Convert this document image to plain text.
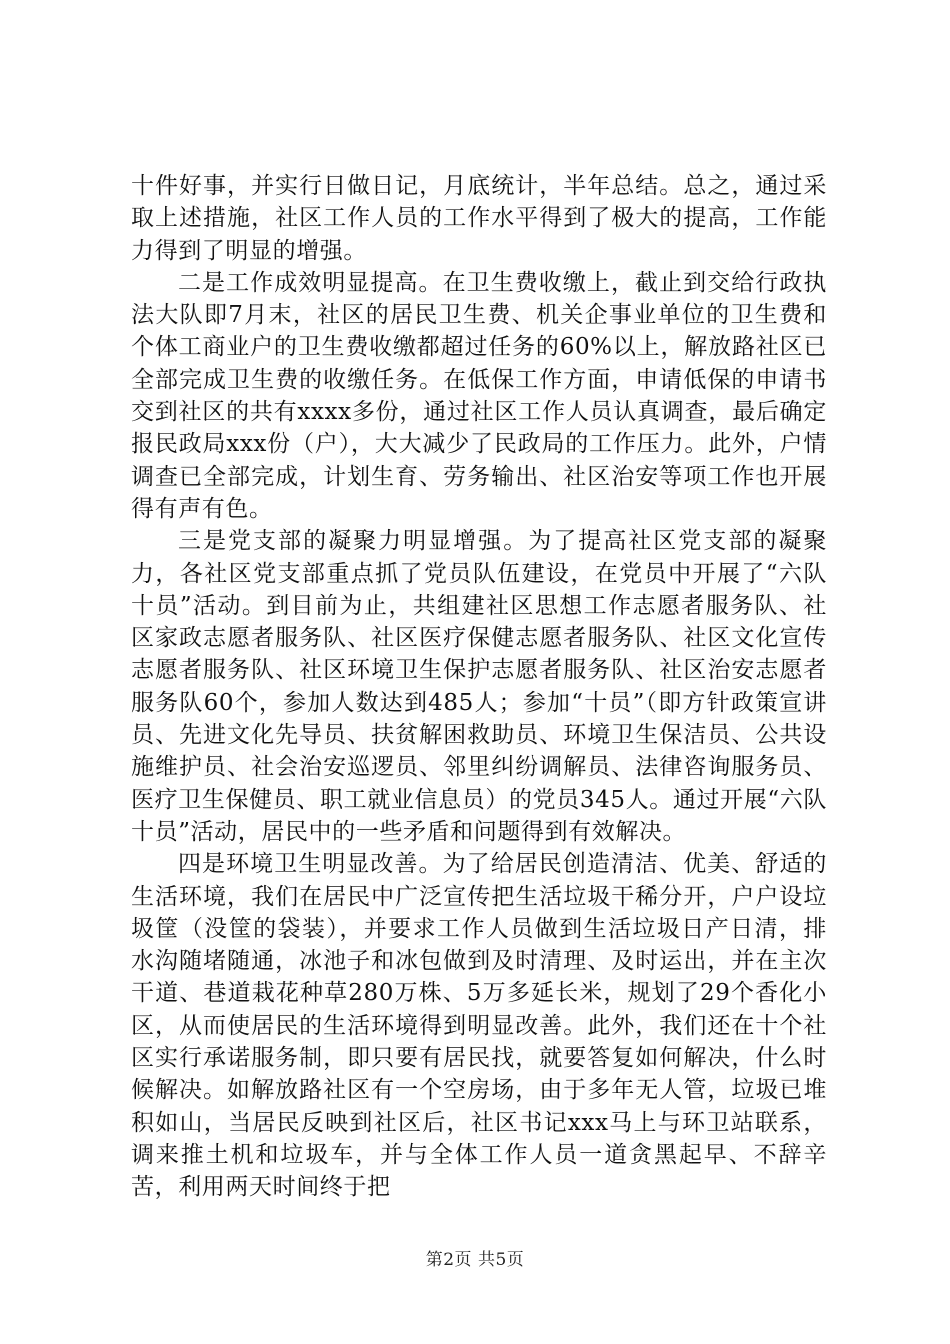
十件好事，并实行日做日记，月底统计，半年总结。总之，通过采取上述措施，社区工作人员的工作水平得到了极大的提高，工作能力得到了明显的增强。

二是工作成效明显提高。在卫生费收缴上，截止到交给行政执法大队即7月末，社区的居民卫生费、机关企事业单位的卫生费和个体工商业户的卫生费收缴都超过任务的60%以上，解放路社区已全部完成卫生费的收缴任务。在低保工作方面，申请低保的申请书交到社区的共有xxxx多份，通过社区工作人员认真调查，最后确定报民政局xxx份（户），大大减少了民政局的工作压力。此外，户情调查已全部完成，计划生育、劳务输出、社区治安等项工作也开展得有声有色。

三是党支部的凝聚力明显增强。为了提高社区党支部的凝聚力，各社区党支部重点抓了党员队伍建设，在党员中开展了“六队十员”活动。到目前为止，共组建社区思想工作志愿者服务队、社区家政志愿者服务队、社区医疗保健志愿者服务队、社区文化宣传志愿者服务队、社区环境卫生保护志愿者服务队、社区治安志愿者服务队60个，参加人数达到485人；参加“十员”（即方针政策宣讲员、先进文化先导员、扶贫解困救助员、环境卫生保洁员、公共设施维护员、社会治安巡逻员、邻里纠纷调解员、法律咨询服务员、医疗卫生保健员、职工就业信息员）的党员345人。通过开展“六队十员”活动，居民中的一些矛盾和问题得到有效解决。

四是环境卫生明显改善。为了给居民创造清洁、优美、舒适的生活环境，我们在居民中广泛宣传把生活垃圾干稀分开，户户设垃圾筐（没筐的袋装），并要求工作人员做到生活垃圾日产日清，排水沟随堵随通，冰池子和冰包做到及时清理、及时运出，并在主次干道、巷道栽花种草280万株、5万多延长米，规划了29个香化小区，从而使居民的生活环境得到明显改善。此外，我们还在十个社区实行承诺服务制，即只要有居民找，就要答复如何解决，什么时候解决。如解放路社区有一个空房场，由于多年无人管，垃圾已堆积如山，当居民反映到社区后，社区书记xxx马上与环卫站联系，调来推土机和垃圾车，并与全体工作人员一道贪黑起早、不辞辛苦，利用两天时间终于把

第2页 共5页
